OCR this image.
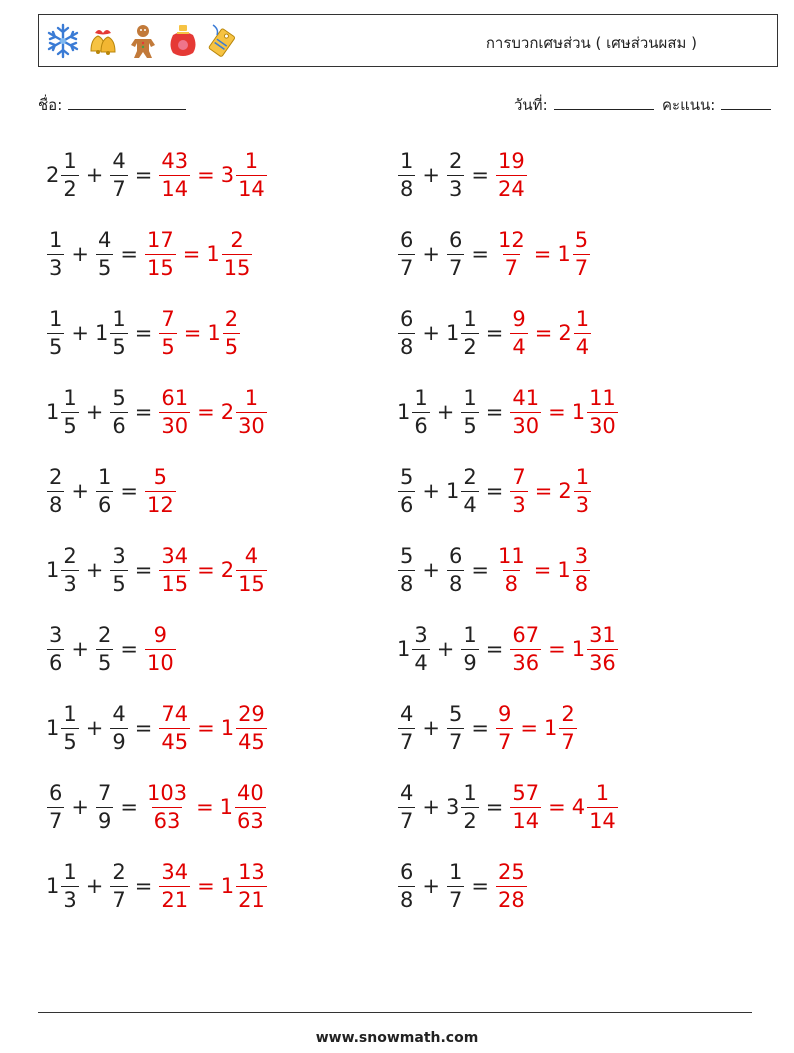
การบวกเศษส่วน ( เศษส่วนผสม )
ชื่อ:	วันที่:	คะแนน:
$2 \frac{1}{2} + \frac{4}{7} = \frac{43}{14} = 3 \frac{1}{14}$	$\frac{1}{8} + \frac{2}{3} = \frac{19}{24}$
$\frac{1}{3} + \frac{4}{5} = \frac{17}{15} = 1 \frac{2}{15}$	$\frac{6}{7} + \frac{6}{7} = \frac{12}{7} = 1 \frac{5}{7}$
$\frac{1}{5} + 1 \frac{1}{5} = \frac{7}{5} = 1 \frac{2}{5}$	$\frac{6}{8} + 1 \frac{1}{2} = \frac{9}{4} = 2 \frac{1}{4}$
$1 \frac{1}{5} + \frac{5}{6} = \frac{61}{30} = 2 \frac{1}{30}$	$1 \frac{1}{6} + \frac{1}{5} = \frac{41}{30} = 1 \frac{11}{30}$
$\frac{2}{8} + \frac{1}{6} = \frac{5}{12}$	$\frac{5}{6} + 1 \frac{2}{4} = \frac{7}{3} = 2 \frac{1}{3}$
$1 \frac{2}{3} + \frac{3}{5} = \frac{34}{15} = 2 \frac{4}{15}$	$\frac{5}{8} + \frac{6}{8} = \frac{11}{8} = 1 \frac{3}{8}$
$\frac{3}{6} + \frac{2}{5} = \frac{9}{10}$	$1 \frac{3}{4} + \frac{1}{9} = \frac{67}{36} = 1 \frac{31}{36}$
$1 \frac{1}{5} + \frac{4}{9} = \frac{74}{45} = 1 \frac{29}{45}$	$\frac{4}{7} + \frac{5}{7} = \frac{9}{7} = 1 \frac{2}{7}$
$\frac{6}{7} + \frac{7}{9} = \frac{103}{63} = 1 \frac{40}{63}$	$\frac{4}{7} + 3 \frac{1}{2} = \frac{57}{14} = 4 \frac{1}{14}$
$1 \frac{1}{3} + \frac{2}{7} = \frac{34}{21} = 1 \frac{13}{21}$	$\frac{6}{8} + \frac{1}{7} = \frac{25}{28}$
www.snowmath.com
